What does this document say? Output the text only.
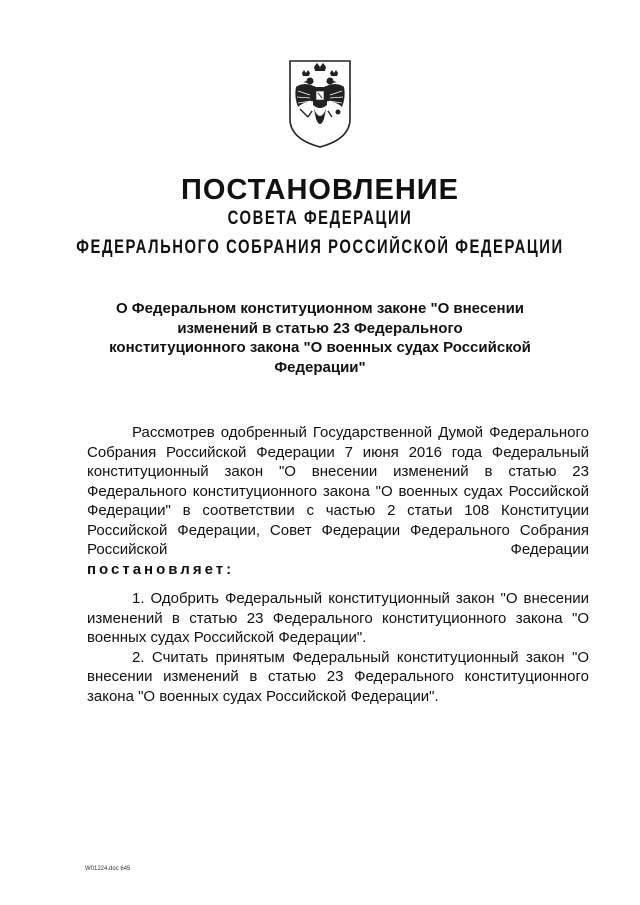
ПОСТАНОВЛЕНИЕ
СОВЕТА ФЕДЕРАЦИИ
ФЕДЕРАЛЬНОГО СОБРАНИЯ РОССИЙСКОЙ ФЕДЕРАЦИИ
О Федеральном конституционном законе "О внесении изменений в статью 23 Федерального конституционного закона "О военных судах Российской Федерации"

Рассмотрев одобренный Государственной Думой Федерального Собрания Российской Федерации 7 июня 2016 года Федеральный конституционный закон "О внесении изменений в статью 23 Федерального конституционного закона "О военных судах Российской Федерации" в соответствии с частью 2 статьи 108 Конституции Российской Федерации, Совет Федерации Федерального Собрания Российской Федерации

постановляет:

1. Одобрить Федеральный конституционный закон "О внесении изменений в статью 23 Федерального конституционного закона "О военных судах Российской Федерации".

2. Считать принятым Федеральный конституционный закон "О внесении изменений в статью 23 Федерального конституционного закона "О военных судах Российской Федерации".

W01224.doc 645
